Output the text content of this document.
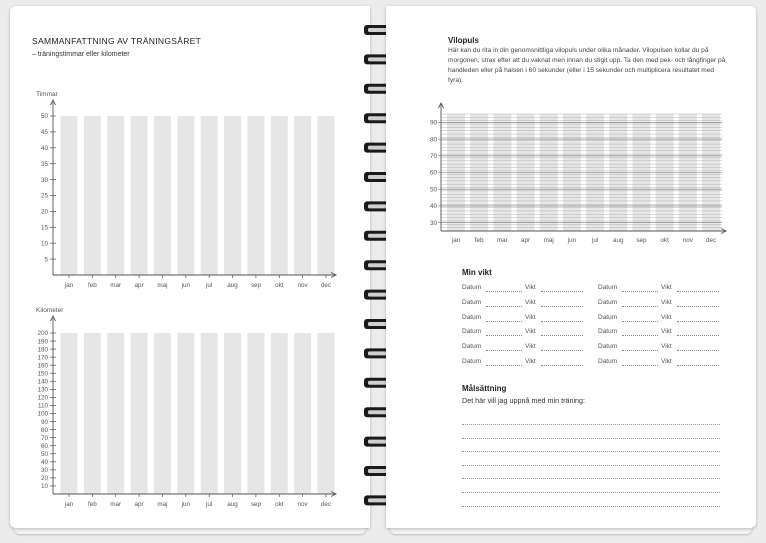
SAMMANFATTNING AV TRÄNINGSÅRET
– träningstimmar eller kilometer
Timmar
jan feb mar apr maj jun	jul aug sep okt nov dec
5
10
15
20
25
30
35
40
45
50
Kilometer
jan feb mar apr maj jun	jul aug sep okt nov dec
10
20
30
40
50
60
70
80
90
100
110
120
130
140
150
160
170
180
190
200
Vilopuls
Här kan du rita in din genomsnittliga vilopuls under olika månader. Vilopulsen kollar du på morgonen, strax efter att du vaknat men innan du stigit upp. Ta den med pek- och långfinger på handleden eller på halsen i 60 sekunder (eller i 15 sekunder och multiplicera resultatet med fyra).
jan feb mar apr maj jun	jul aug sep okt nov dec
30
40
50
60
70
80
90
Min vikt
Datum	Vikt
Datum	Vikt
Datum	Vikt
Datum	Vikt
Datum	Vikt
Datum	Vikt
Datum	Vikt
Datum	Vikt
Datum	Vikt
Datum	Vikt
Datum	Vikt
Datum	Vikt
Målsättning
Det här vill jag uppnå med min träning:
